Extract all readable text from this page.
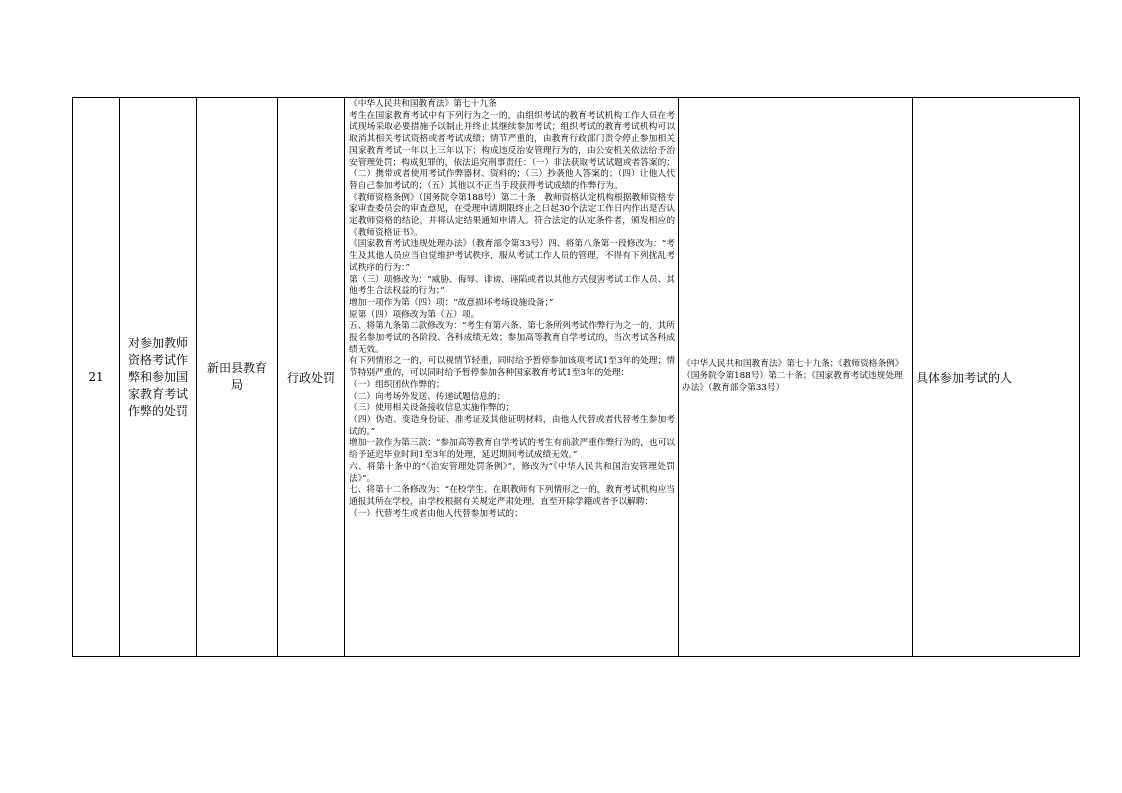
21	对参加教师资格考试作弊和参加国家教育考试作弊的处罚	新田县教育局	行政处罚	
《中华人民共和国教育法》第七十九条
考生在国家教育考试中有下列行为之一的，由组织考试的教育考试机构工作人员在考试现场采取必要措施予以制止并终止其继续参加考试；组织考试的教育考试机构可以取消其相关考试资格或者考试成绩；情节严重的，由教育行政部门责令停止参加相关国家教育考试一年以上三年以下；构成违反治安管理行为的，由公安机关依法给予治安管理处罚；构成犯罪的，依法追究刑事责任：（一）非法获取考试试题或者答案的；（二）携带或者使用考试作弊器材、资料的；（三）抄袭他人答案的；（四）让他人代替自己参加考试的；（五）其他以不正当手段获得考试成绩的作弊行为。
《教师资格条例》（国务院令第188号）第二十条　教师资格认定机构根据教师资格专家审查委员会的审查意见，在受理申请期限终止之日起30个法定工作日内作出是否认定教师资格的结论，并将认定结果通知申请人。符合法定的认定条件者，颁发相应的《教师资格证书》。
《国家教育考试违规处理办法》（教育部令第33号）四、将第八条第一段修改为：“考生及其他人员应当自觉维护考试秩序，服从考试工作人员的管理，不得有下列扰乱考试秩序的行为：”
第（三）项修改为：“威胁、侮辱、诽谤、诬陷或者以其他方式侵害考试工作人员、其他考生合法权益的行为；”
增加一项作为第（四）项：“故意损坏考场设施设备；”
原第（四）项修改为第（五）项。
五、将第九条第二款修改为：“考生有第六条、第七条所列考试作弊行为之一的，其所报名参加考试的各阶段、各科成绩无效；参加高等教育自学考试的，当次考试各科成绩无效。
有下列情形之一的，可以视情节轻重，同时给予暂停参加该项考试1至3年的处理；情节特别严重的，可以同时给予暂停参加各种国家教育考试1至3年的处理：
（一）组织团伙作弊的；
（二）向考场外发送、传递试题信息的；
（三）使用相关设备接收信息实施作弊的；
（四）伪造、变造身份证、准考证及其他证明材料，由他人代替或者代替考生参加考试的。”
增加一款作为第三款：“参加高等教育自学考试的考生有前款严重作弊行为的，也可以给予延迟毕业时间1至3年的处理，延迟期间考试成绩无效。”
六、将第十条中的“《治安管理处罚条例》”，修改为“《中华人民共和国治安管理处罚法》”。
七、将第十二条修改为：“在校学生、在职教师有下列情形之一的，教育考试机构应当通报其所在学校，由学校根据有关规定严肃处理，直至开除学籍或者予以解聘：
（一）代替考生或者由他人代替参加考试的；
	《中华人民共和国教育法》第七十九条；《教师资格条例》（国务院令第188号）第二十条；《国家教育考试违规处理办法》（教育部令第33号）	具体参加考试的人
